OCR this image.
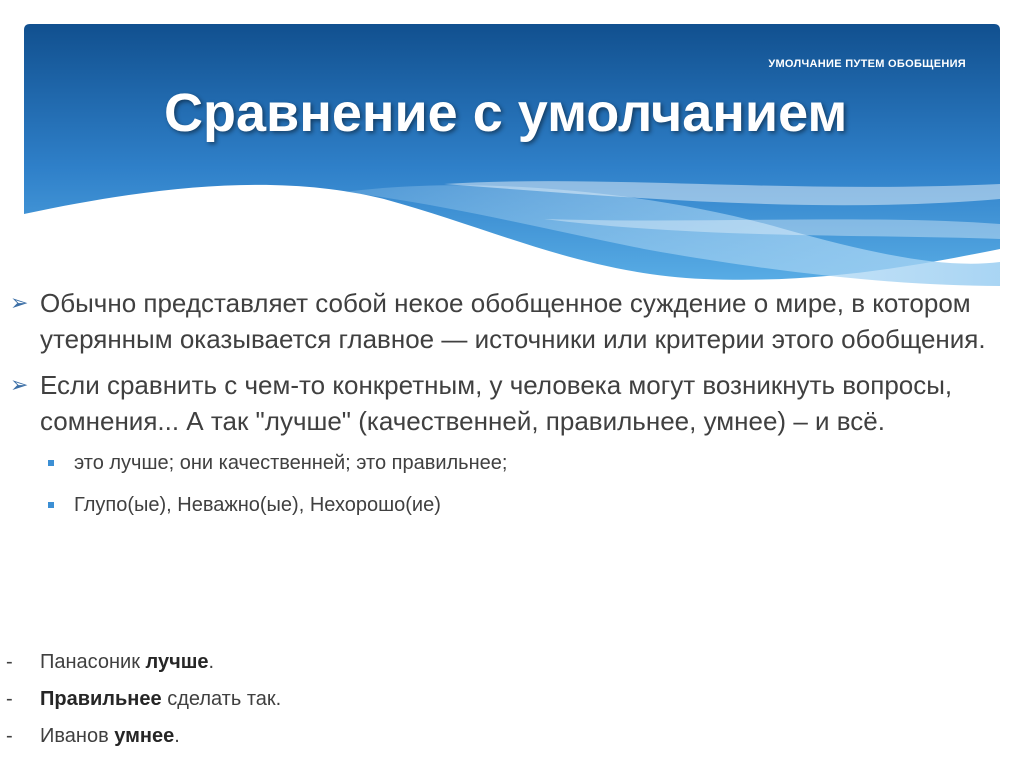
УМОЛЧАНИЕ ПУТЕМ ОБОБЩЕНИЯ
Сравнение с умолчанием
➢ Обычно представляет собой некое обобщенное суждение о мире, в котором утерянным оказывается главное — источники или критерии этого обобщения.
➢ Если сравнить с чем-то конкретным, у человека могут возникнуть вопросы, сомнения... А так "лучше" (качественней, правильнее, умнее) – и всё.
это лучше; они качественней; это правильнее;
Глупо(ые), Неважно(ые), Нехорошо(ие)
- Панасоник лучше.
- Правильнее сделать так.
- Иванов умнее.
